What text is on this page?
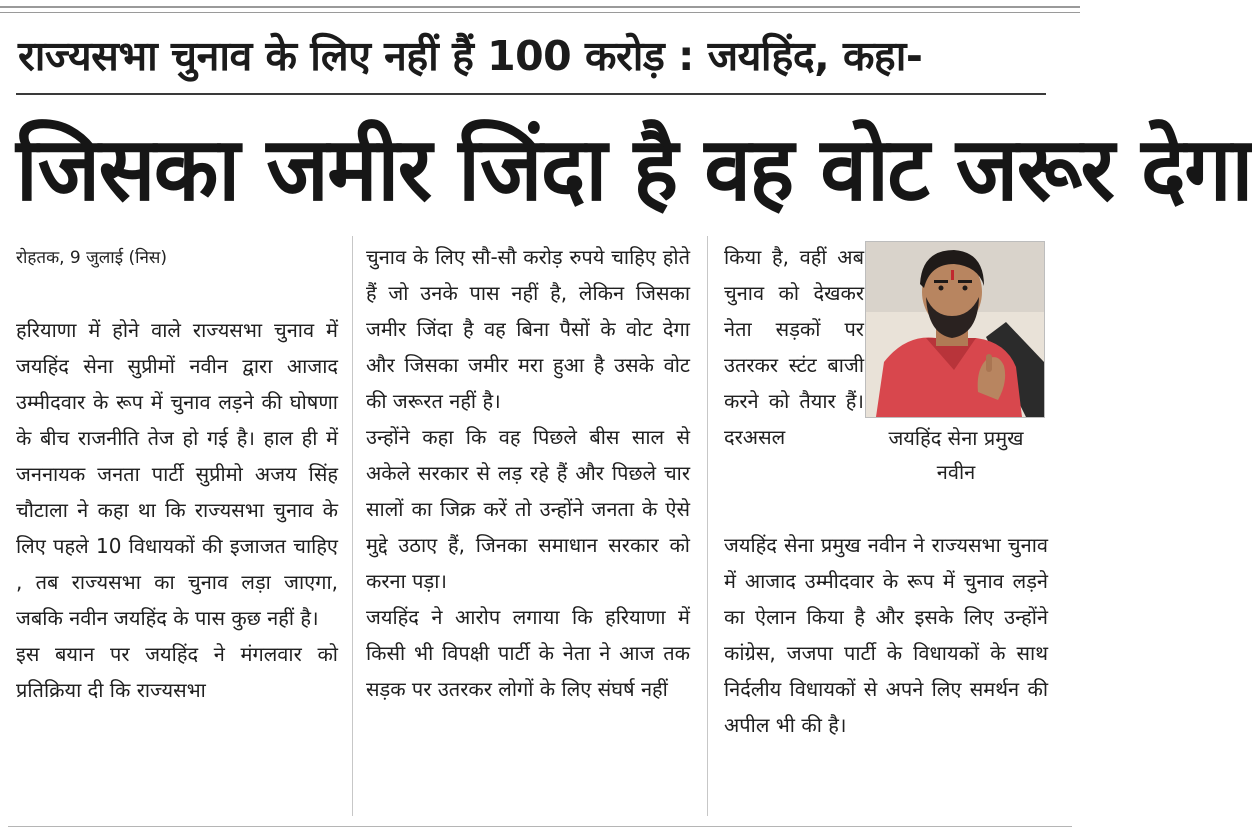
राज्यसभा चुनाव के लिए नहीं हैं 100 करोड़ : जयहिंद, कहा-
जिसका जमीर जिंदा है वह वोट जरूर देगा
रोहतक, 9 जुलाई (निस)

हरियाणा में होने वाले राज्यसभा चुनाव में जयहिंद सेना सुप्रीमों नवीन द्वारा आजाद उम्मीदवार के रूप में चुनाव लड़ने की घोषणा के बीच राजनीति तेज हो गई है। हाल ही में जननायक जनता पार्टी सुप्रीमो अजय सिंह चौटाला ने कहा था कि राज्यसभा चुनाव के लिए पहले 10 विधायकों की इजाजत चाहिए , तब राज्यसभा का चुनाव लड़ा जाएगा, जबकि नवीन जयहिंद के पास कुछ नहीं है।

इस बयान पर जयहिंद ने मंगलवार को प्रतिक्रिया दी कि राज्यसभा

चुनाव के लिए सौ-सौ करोड़ रुपये चाहिए होते हैं जो उनके पास नहीं है, लेकिन जिसका जमीर जिंदा है वह बिना पैसों के वोट देगा और जिसका जमीर मरा हुआ है उसके वोट की जरूरत नहीं है।

उन्होंने कहा कि वह पिछले बीस साल से अकेले सरकार से लड़ रहे हैं और पिछले चार सालों का जिक्र करें तो उन्होंने जनता के ऐसे मुद्दे उठाए हैं, जिनका समाधान सरकार को करना पड़ा।

जयहिंद ने आरोप लगाया कि हरियाणा में किसी भी विपक्षी पार्टी के नेता ने आज तक सड़क पर उतरकर लोगों के लिए संघर्ष नहीं

किया है, वहीं अब चुनाव को देखकर नेता सड़कों पर उतरकर स्टंट बाजी करने को तैयार हैं। दरअसल	जयहिंद सेना प्रमुख नवीन

जयहिंद सेना प्रमुख नवीन ने राज्यसभा चुनाव में आजाद उम्मीदवार के रूप में चुनाव लड़ने का ऐलान किया है और इसके लिए उन्होंने कांग्रेस, जजपा पार्टी के विधायकों के साथ निर्दलीय विधायकों से अपने लिए समर्थन की अपील भी की है।
